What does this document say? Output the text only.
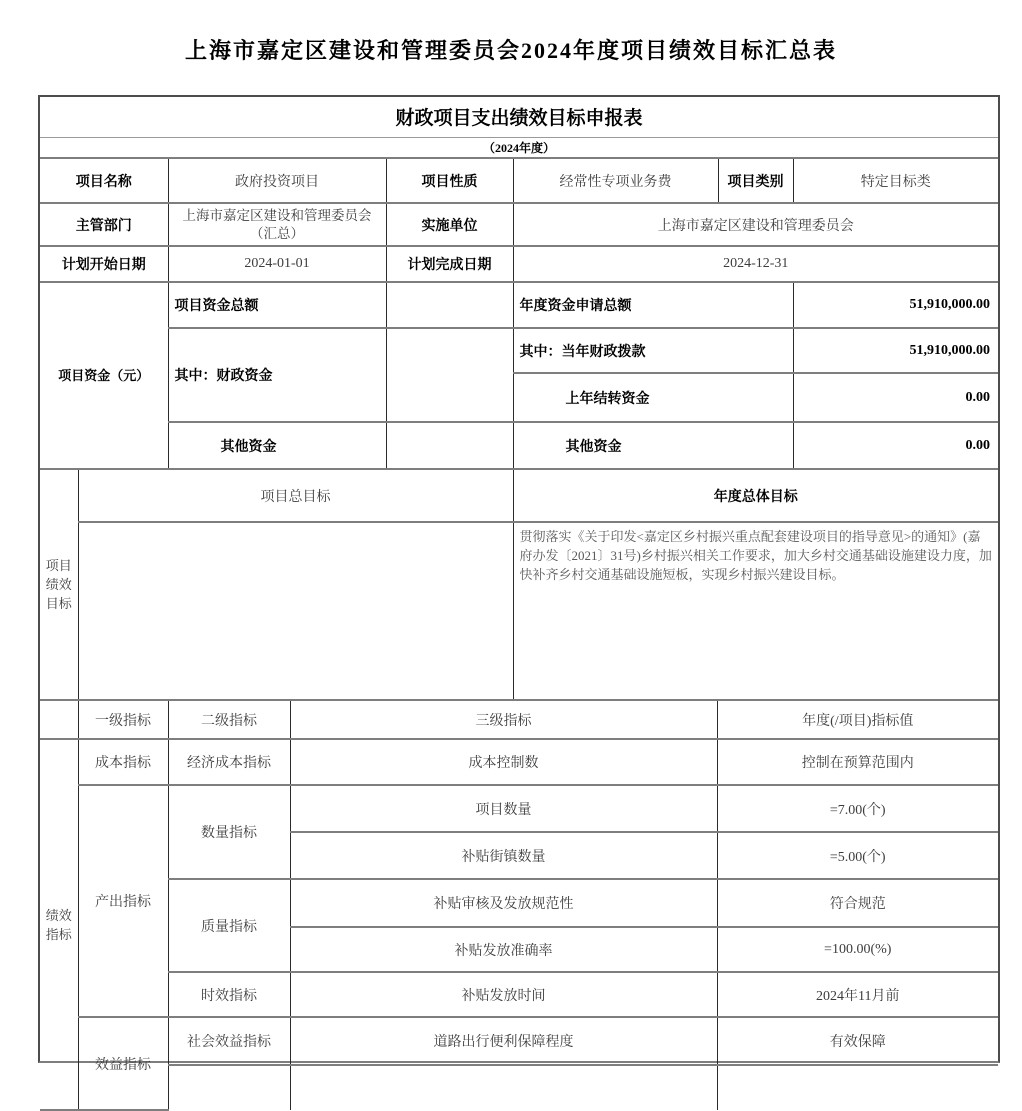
上海市嘉定区建设和管理委员会2024年度项目绩效目标汇总表
财政项目支出绩效目标申报表
（2024年度）
项目名称	政府投资项目	项目性质	经常性专项业务费	项目类别	特定目标类
主管部门	上海市嘉定区建设和管理委员会（汇总）	实施单位	上海市嘉定区建设和管理委员会		
计划开始日期	2024-01-01	计划完成日期	2024-12-31		
项目资金（元）	项目资金总额		年度资金申请总额	51,910,000.00
	其中：财政资金		其中：当年财政拨款	51,910,000.00
			上年结转资金	0.00
	其他资金		其他资金	0.00
项目绩效目标	项目总目标	年度总体目标
		贯彻落实《关于印发<嘉定区乡村振兴重点配套建设项目的指导意见>的通知》(嘉府办发〔2021〕31号)乡村振兴相关工作要求，加大乡村交通基础设施建设力度，加快补齐乡村交通基础设施短板，实现乡村振兴建设目标。
	一级指标	二级指标	三级指标	年度(/项目)指标值
绩效指标	成本指标	经济成本指标	成本控制数	控制在预算范围内
	产出指标	数量指标	项目数量	=7.00(个)
			补贴街镇数量	=5.00(个)
		质量指标	补贴审核及发放规范性	符合规范
			补贴发放准确率	=100.00(%)
		时效指标	补贴发放时间	2024年11月前
	效益指标	社会效益指标	道路出行便利保障程度	有效保障
